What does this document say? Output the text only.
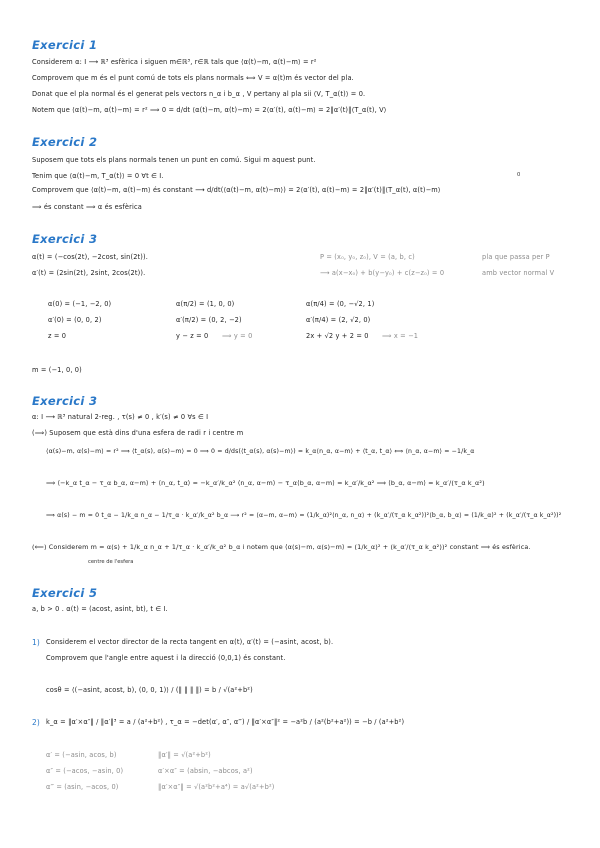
Exercici 1
Considerem α: I ⟶ ℝ³ esfèrica i siguen m∈ℝ³, r∈ℝ tals que ⟨α(t)−m, α(t)−m⟩ = r²
Comprovem que m és el punt comú de tots els plans normals ⟺ V = α(t)m és vector del pla.
Donat que el pla normal és el generat pels vectors n_α i b_α , V pertany al pla sii ⟨V, T_α(t)⟩ = 0.
Notem que ⟨α(t)−m, α(t)−m⟩ = r² ⟹ 0 = d/dt ⟨α(t)−m, α(t)−m⟩ = 2⟨α′(t), α(t)−m⟩ = 2‖α′(t)‖⟨T_α(t), V⟩
Exercici 2
Suposem que tots els plans normals tenen un punt en comú. Sigui m aquest punt.
Tenim que ⟨α(t)−m, T_α(t)⟩ = 0 ∀t ∈ I.	0
Comprovem que ⟨α(t)−m, α(t)−m⟩ és constant ⟶ d/dt(⟨α(t)−m, α(t)−m⟩) = 2⟨α′(t), α(t)−m⟩ = 2‖α′(t)‖⟨T_α(t), α(t)−m⟩
⟹ és constant ⟹ α és esfèrica
Exercici 3
α(t) = (−cos(2t), −2cost, sin(2t)).
α′(t) = (2sin(2t), 2sint, 2cos(2t)).
P = (x₀, y₀, z₀), V = (a, b, c)
⟶ a(x−x₀) + b(y−y₀) + c(z−z₀) = 0
pla que passa per P
amb vector normal V
α(0) = (−1, −2, 0)
α′(0) = (0, 0, 2)
z = 0
α(π/2) = (1, 0, 0)
α′(π/2) = (0, 2, −2)
y − z = 0 ⟹ y = 0
α(π/4) = (0, −√2, 1)
α′(π/4) = (2, √2, 0)
2x + √2 y + 2 = 0 ⟹ x = −1
m = (−1, 0, 0)
Exercici 3
α: I ⟶ ℝ³ natural 2-reg. , τ(s) ≠ 0 , k′(s) ≠ 0 ∀s ∈ I
(⟹) Suposem que està dins d'una esfera de radi r i centre m
⟨α(s)−m, α(s)−m⟩ = r² ⟹ ⟨t_α(s), α(s)−m⟩ = 0 ⟹ 0 = d/ds(⟨t_α(s), α(s)−m⟩) = k_α⟨n_α, α−m⟩ + ⟨t_α, t_α⟩ ⟺ ⟨n_α, α−m⟩ = −1/k_α
⟹ ⟨−k_α t_α − τ_α b_α, α−m⟩ + ⟨n_α, t_α⟩ = −k_α′/k_α² ⟨n_α, α−m⟩ − τ_α⟨b_α, α−m⟩ = k_α′/k_α² ⟹ ⟨b_α, α−m⟩ = k_α′/(τ_α k_α²)
⟹ α(s) − m = 0 t_α − 1/k_α n_α − 1/τ_α · k_α′/k_α² b_α ⟶ r² = ⟨α−m, α−m⟩ = (1/k_α)²⟨n_α, n_α⟩ + (k_α′/(τ_α k_α²))²⟨b_α, b_α⟩ = (1/k_α)² + (k_α′/(τ_α k_α²))²
(⟸) Considerem m = α(s) + 1/k_α n_α + 1/τ_α · k_α′/k_α² b_α i notem que ⟨α(s)−m, α(s)−m⟩ = (1/k_α)² + (k_α′/(τ_α k_α²))² constant ⟹ és esfèrica.
centre de l'esfera
Exercici 5
a, b > 0 . α(t) = (acost, asint, bt), t ∈ I.
1) Considerem el vector director de la recta tangent en α(t), α′(t) = (−asint, acost, b).
Comprovem que l'angle entre aquest i la direcció (0,0,1) és constant.
cosθ = ⟨(−asint, acost, b), (0, 0, 1)⟩ / (‖ ‖ ‖ ‖) = b / √(a²+b²)
2) k_α = ‖α′×α″‖ / ‖α′‖³ = a / (a²+b²) , τ_α = −det(α′, α″, α‴) / ‖α′×α″‖² = −a²b / (a²(b²+a²)) = −b / (a²+b²)
α′ = (−asin, acos, b)
α″ = (−acos, −asin, 0)
α‴ = (asin, −acos, 0)
‖α′‖ = √(a²+b²)
α′×α″ = (absin, −abcos, a²)
‖α′×α″‖ = √(a²b²+a⁴) = a√(a²+b²)
